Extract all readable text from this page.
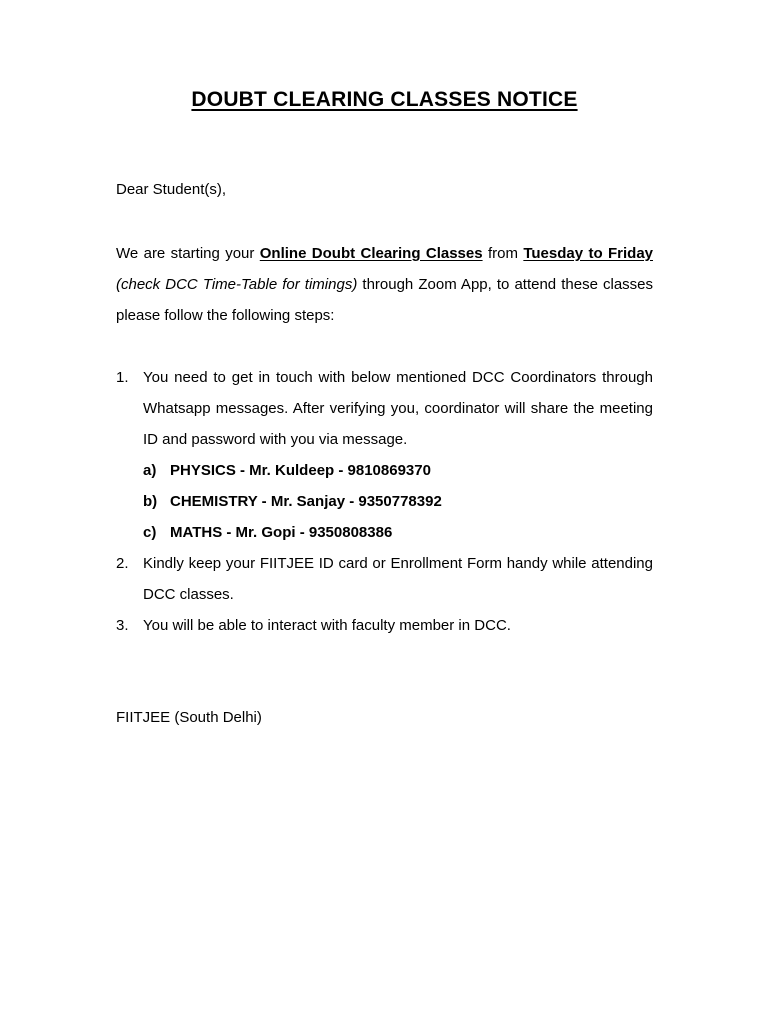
DOUBT CLEARING CLASSES NOTICE
Dear Student(s),
We are starting your Online Doubt Clearing Classes from Tuesday to Friday (check DCC Time-Table for timings) through Zoom App, to attend these classes please follow the following steps:
1. You need to get in touch with below mentioned DCC Coordinators through Whatsapp messages. After verifying you, coordinator will share the meeting ID and password with you via message.
a) PHYSICS - Mr. Kuldeep - 9810869370
b) CHEMISTRY - Mr. Sanjay - 9350778392
c) MATHS - Mr. Gopi - 9350808386
2. Kindly keep your FIITJEE ID card or Enrollment Form handy while attending DCC classes.
3. You will be able to interact with faculty member in DCC.
FIITJEE (South Delhi)
